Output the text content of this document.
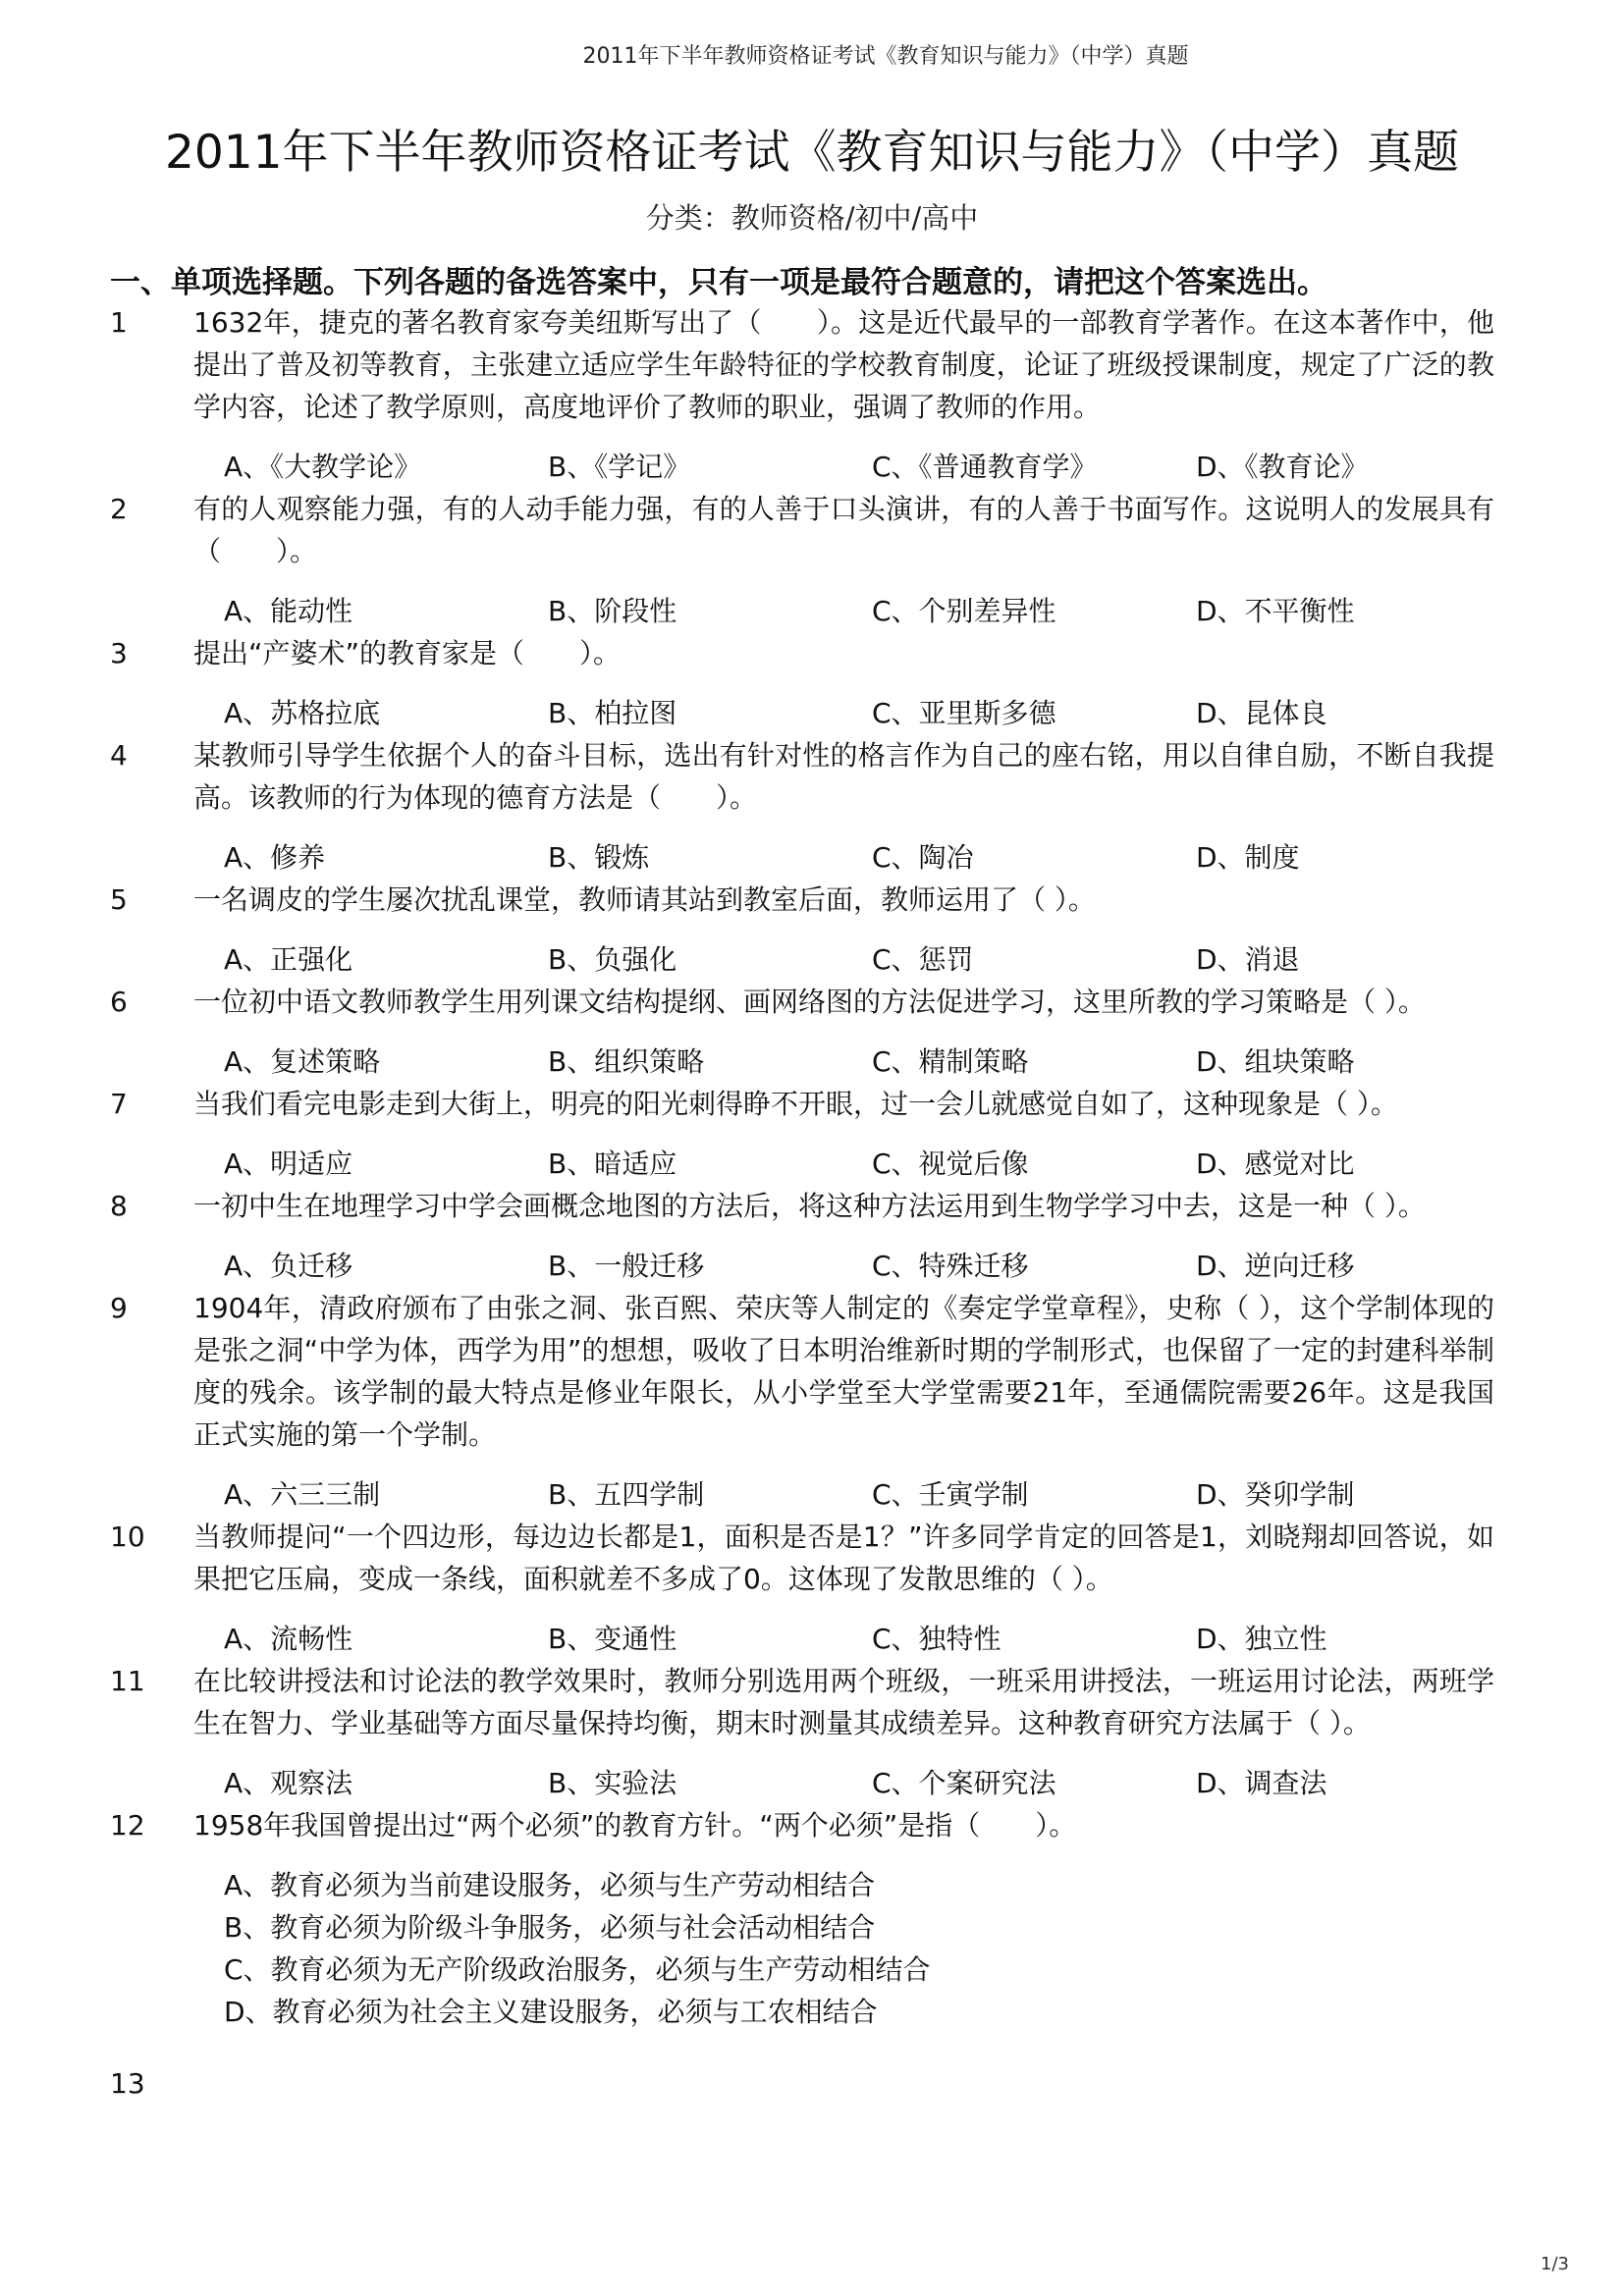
2011年下半年教师资格证考试《教育知识与能力》（中学）真题
2011年下半年教师资格证考试《教育知识与能力》（中学）真题
分类：教师资格/初中/高中
一、单项选择题。下列各题的备选答案中，只有一项是最符合题意的，请把这个答案选出。
1	1632年，捷克的著名教育家夸美纽斯写出了（　　）。这是近代最早的一部教育学著作。在这本著作中，他提出了普及初等教育，主张建立适应学生年龄特征的学校教育制度，论证了班级授课制度，规定了广泛的教学内容，论述了教学原则，高度地评价了教师的职业，强调了教师的作用。
A、《大教学论》	B、《学记》	C、《普通教育学》	D、《教育论》
2	有的人观察能力强，有的人动手能力强，有的人善于口头演讲，有的人善于书面写作。这说明人的发展具有（　　）。
A、能动性	B、阶段性	C、个别差异性	D、不平衡性
3	提出“产婆术”的教育家是（　　）。
A、苏格拉底	B、柏拉图	C、亚里斯多德	D、昆体良
4	某教师引导学生依据个人的奋斗目标，选出有针对性的格言作为自己的座右铭，用以自律自励，不断自我提高。该教师的行为体现的德育方法是（　　）。
A、修养	B、锻炼	C、陶冶	D、制度
5	一名调皮的学生屡次扰乱课堂，教师请其站到教室后面，教师运用了（ ）。
A、正强化	B、负强化	C、惩罚	D、消退
6	一位初中语文教师教学生用列课文结构提纲、画网络图的方法促进学习，这里所教的学习策略是（ ）。
A、复述策略	B、组织策略	C、精制策略	D、组块策略
7	当我们看完电影走到大街上，明亮的阳光刺得睁不开眼，过一会儿就感觉自如了，这种现象是（ ）。
A、明适应	B、暗适应	C、视觉后像	D、感觉对比
8	一初中生在地理学习中学会画概念地图的方法后，将这种方法运用到生物学学习中去，这是一种（ ）。
A、负迁移	B、一般迁移	C、特殊迁移	D、逆向迁移
9	1904年，清政府颁布了由张之洞、张百熙、荣庆等人制定的《奏定学堂章程》，史称（ ），这个学制体现的是张之洞“中学为体，西学为用”的想想，吸收了日本明治维新时期的学制形式，也保留了一定的封建科举制度的残余。该学制的最大特点是修业年限长，从小学堂至大学堂需要21年，至通儒院需要26年。这是我国正式实施的第一个学制。
A、六三三制	B、五四学制	C、壬寅学制	D、癸卯学制
10	当教师提问“一个四边形，每边边长都是1，面积是否是1？”许多同学肯定的回答是1，刘晓翔却回答说，如果把它压扁，变成一条线，面积就差不多成了0。这体现了发散思维的（ ）。
A、流畅性	B、变通性	C、独特性	D、独立性
11	在比较讲授法和讨论法的教学效果时，教师分别选用两个班级，一班采用讲授法，一班运用讨论法，两班学生在智力、学业基础等方面尽量保持均衡，期末时测量其成绩差异。这种教育研究方法属于（ ）。
A、观察法	B、实验法	C、个案研究法	D、调查法
12	1958年我国曾提出过“两个必须”的教育方针。“两个必须”是指（　　）。
A、教育必须为当前建设服务，必须与生产劳动相结合
B、教育必须为阶级斗争服务，必须与社会活动相结合
C、教育必须为无产阶级政治服务，必须与生产劳动相结合
D、教育必须为社会主义建设服务，必须与工农相结合
13
1/3
